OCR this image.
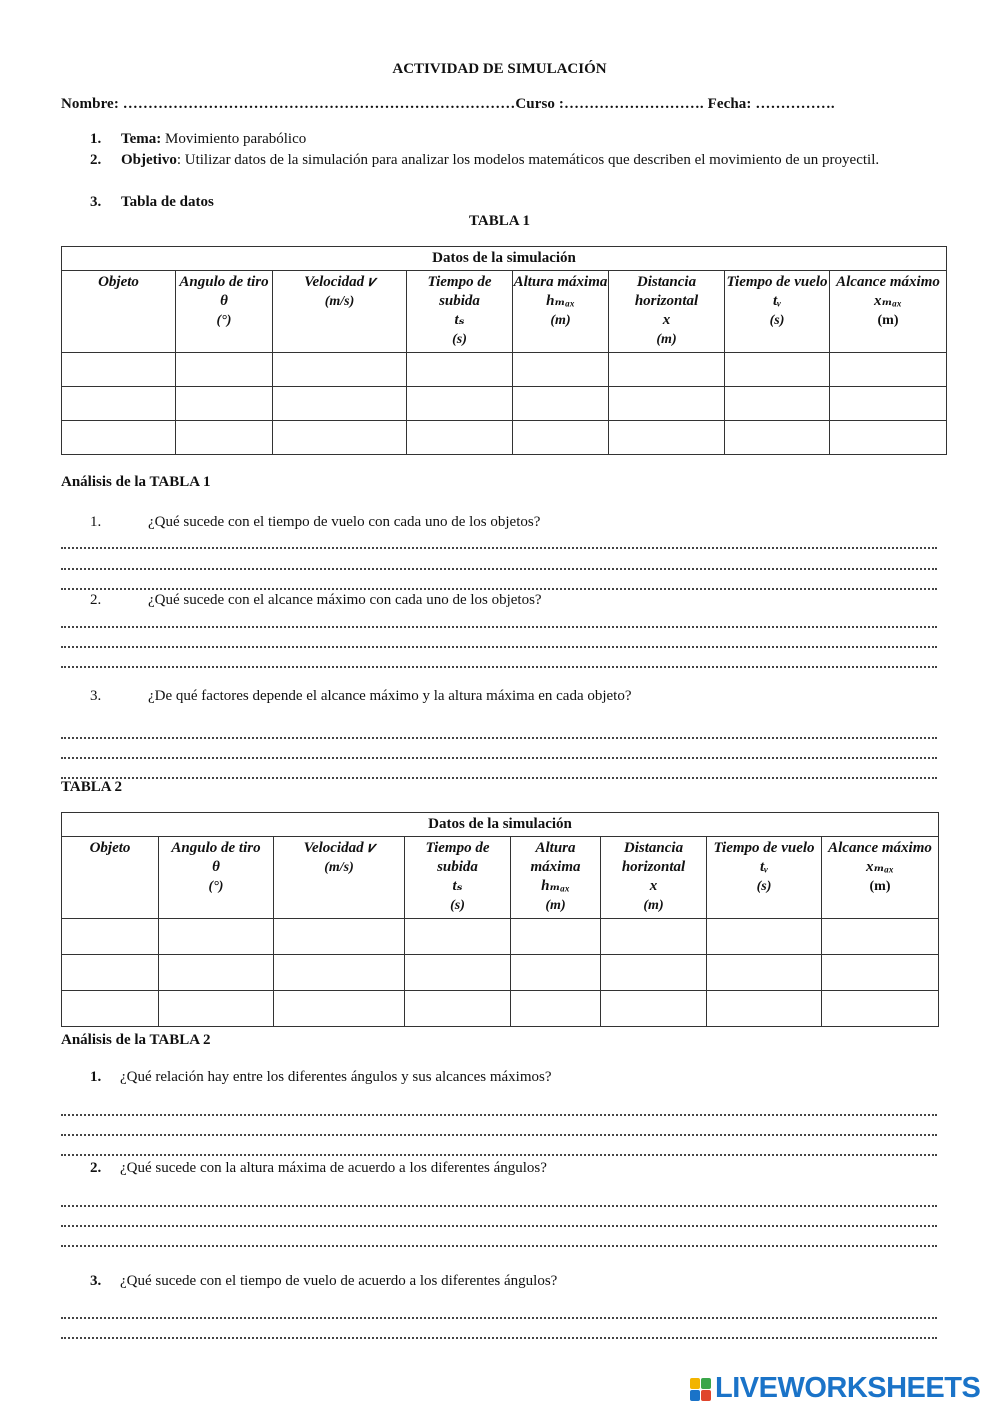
ACTIVIDAD DE SIMULACIÓN
Nombre: ……………………………………………………………………Curso :………………………. Fecha: …………….
1. Tema: Movimiento parabólico
2. Objetivo: Utilizar datos de la simulación para analizar los modelos matemáticos que describen el movimiento de un proyectil.
3. Tabla de datos
TABLA 1
Datos de la simulación							
Objeto	Angulo de tiro
θ
(°)	Velocidad 𝑣
(m/s)	Tiempo de subida
tₛ
(s)	Altura máxima
hₘₐₓ
(m)	Distancia horizontal
x
(m)	Tiempo de vuelo
tᵥ
(s)	Alcance máximo
xₘₐₓ
(m)

Análisis de la TABLA 1
1.	¿Qué sucede con el tiempo de vuelo con cada uno de los objetos?
2.	¿Qué sucede con el alcance máximo con cada uno de los objetos?
3.	¿De qué factores depende el alcance máximo y la altura máxima en cada objeto?
TABLA 2
Datos de la simulación							
Objeto	Angulo de tiro
θ
(°)	Velocidad 𝑣
(m/s)	Tiempo de subida
tₛ
(s)	Altura máxima
hₘₐₓ
(m)	Distancia horizontal
x
(m)	Tiempo de vuelo
tᵥ
(s)	Alcance máximo
xₘₐₓ
(m)

Análisis de la TABLA 2
1. ¿Qué relación hay entre los diferentes ángulos y sus alcances máximos?
2. ¿Qué sucede con la altura máxima de acuerdo a los diferentes ángulos?
3. ¿Qué sucede con el tiempo de vuelo de acuerdo a los diferentes ángulos?
LIVEWORKSHEETS
